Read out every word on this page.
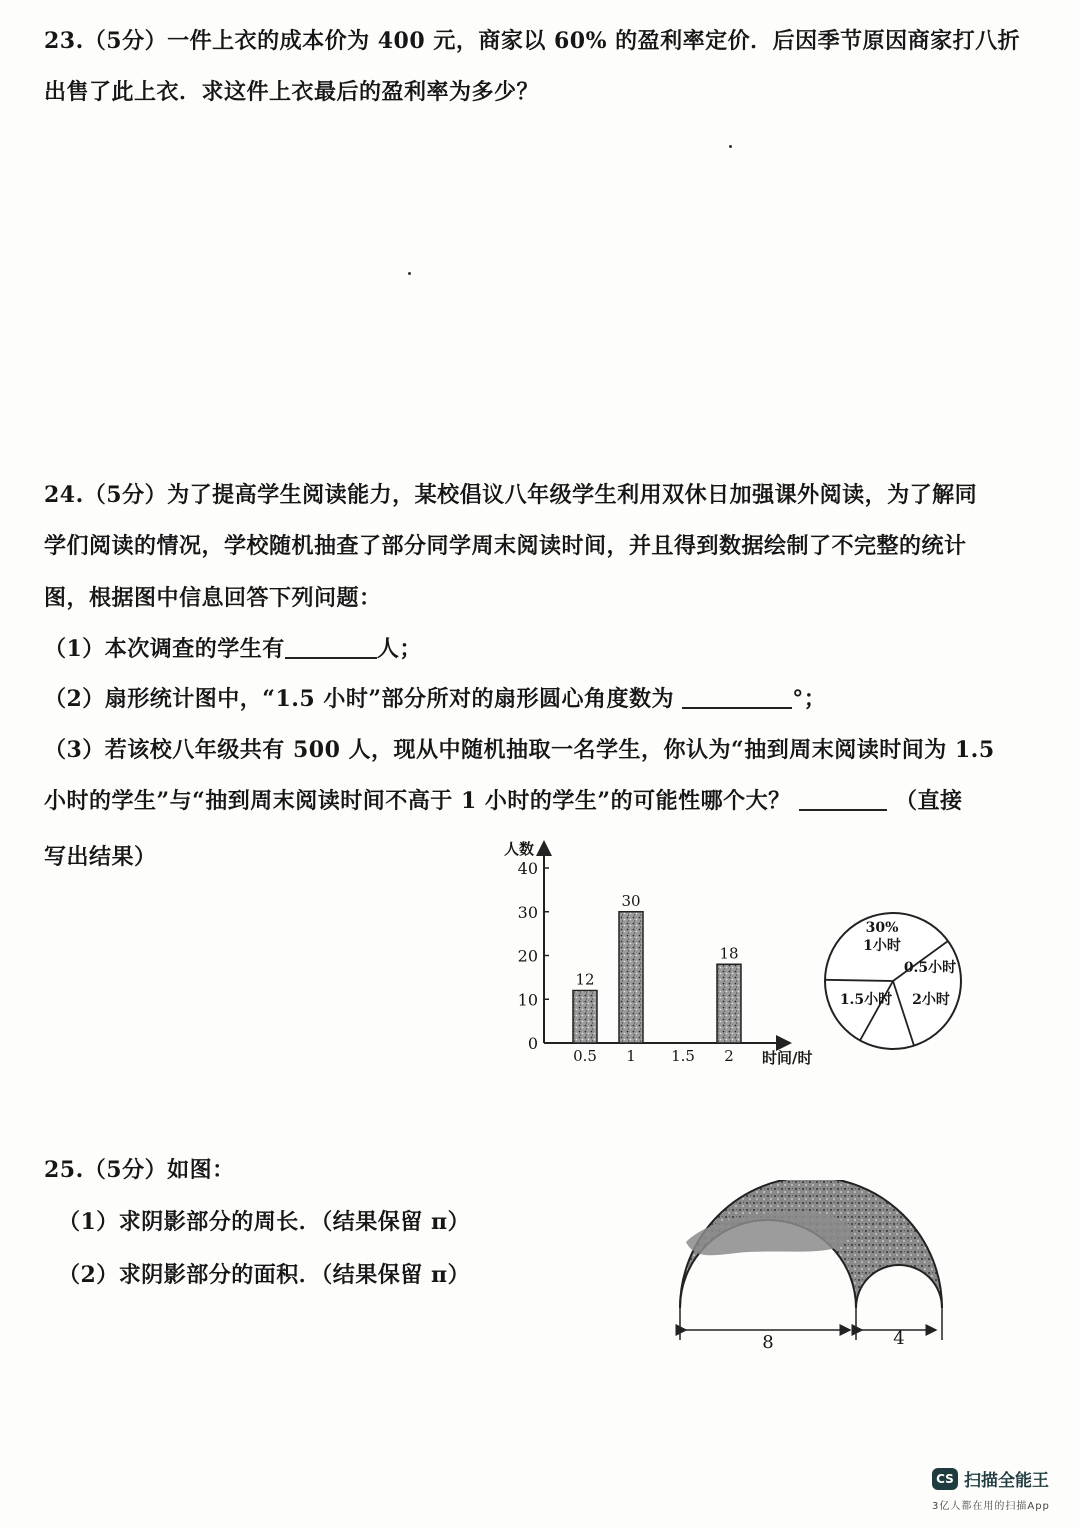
23.（5分）一件上衣的成本价为 400 元，商家以 60% 的盈利率定价．后因季节原因商家打八折
出售了此上衣．求这件上衣最后的盈利率为多少？
24.（5分）为了提高学生阅读能力，某校倡议八年级学生利用双休日加强课外阅读，为了解同
学们阅读的情况，学校随机抽查了部分同学周末阅读时间，并且得到数据绘制了不完整的统计
图，根据图中信息回答下列问题：
（1）本次调查的学生有	人；
（2）扇形统计图中，“1.5 小时”部分所对的扇形圆心角度数为	°；
（3）若该校八年级共有 500 人，现从中随机抽取一名学生，你认为“抽到周末阅读时间为 1.5
小时的学生”与“抽到周末阅读时间不高于 1 小时的学生”的可能性哪个大？	（直接
写出结果）	人数
时间/时
0
10
20
30
40
12
0.5
30
1 1.5
18
2
30%
1小时
0.5小时
2小时
1.5小时
25.（5分）如图：
（1）求阴影部分的周长．（结果保留 π）
（2）求阴影部分的面积．（结果保留 π）
8	4
CS 扫描全能王
3亿人都在用的扫描App
